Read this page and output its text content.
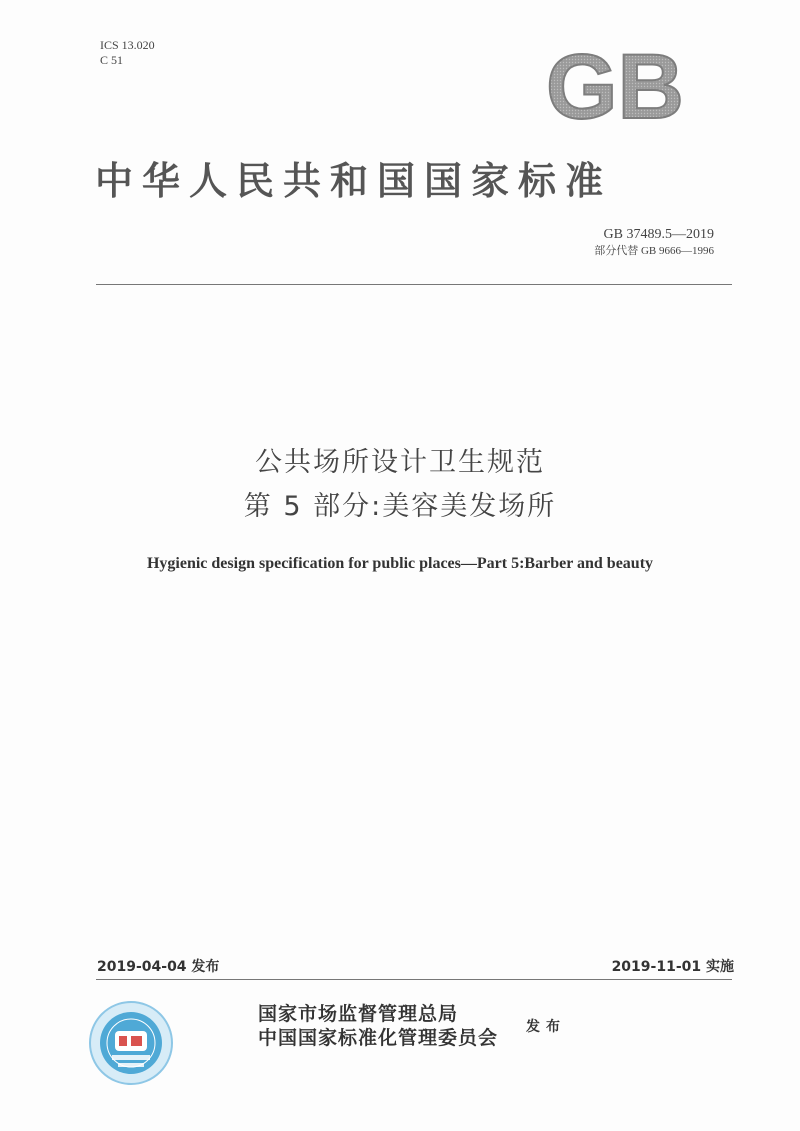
ICS 13.020
C 51	GB
中华人民共和国国家标准
GB 37489.5—2019
部分代替 GB 9666—1996
公共场所设计卫生规范
第 5 部分:美容美发场所
Hygienic design specification for public places—Part 5:Barber and beauty
2019-04-04 发布	2019-11-01 实施
国家市场监督管理总局
中国国家标准化管理委员会 发布
